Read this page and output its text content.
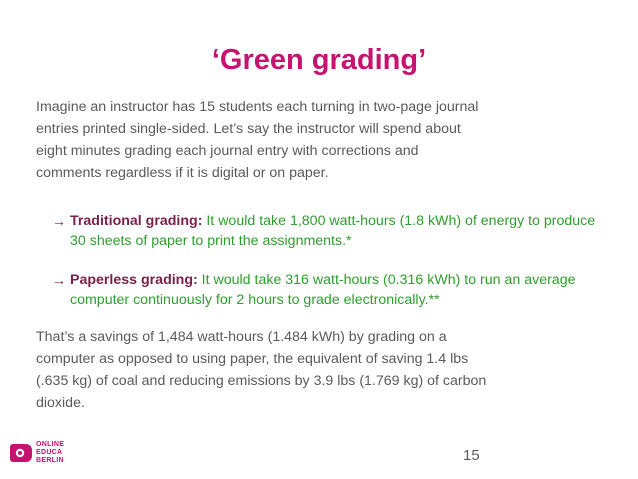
‘Green grading’
Imagine an instructor has 15 students each turning in two-page journal
entries printed single-sided. Let’s say the instructor will spend about
eight minutes grading each journal entry with corrections and
comments regardless if it is digital or on paper.
→ Traditional grading: It would take 1,800 watt-hours (1.8 kWh) of energy to produce 30 sheets of paper to print the assignments.*
→ Paperless grading: It would take 316 watt-hours (0.316 kWh) to run an average computer continuously for 2 hours to grade electronically.**
That’s a savings of 1,484 watt-hours (1.484 kWh) by grading on a
computer as opposed to using paper, the equivalent of saving 1.4 lbs
(.635 kg) of coal and reducing emissions by 3.9 lbs (1.769 kg) of carbon
dioxide.
ONLINE
EDUCA
BERLIN	15
